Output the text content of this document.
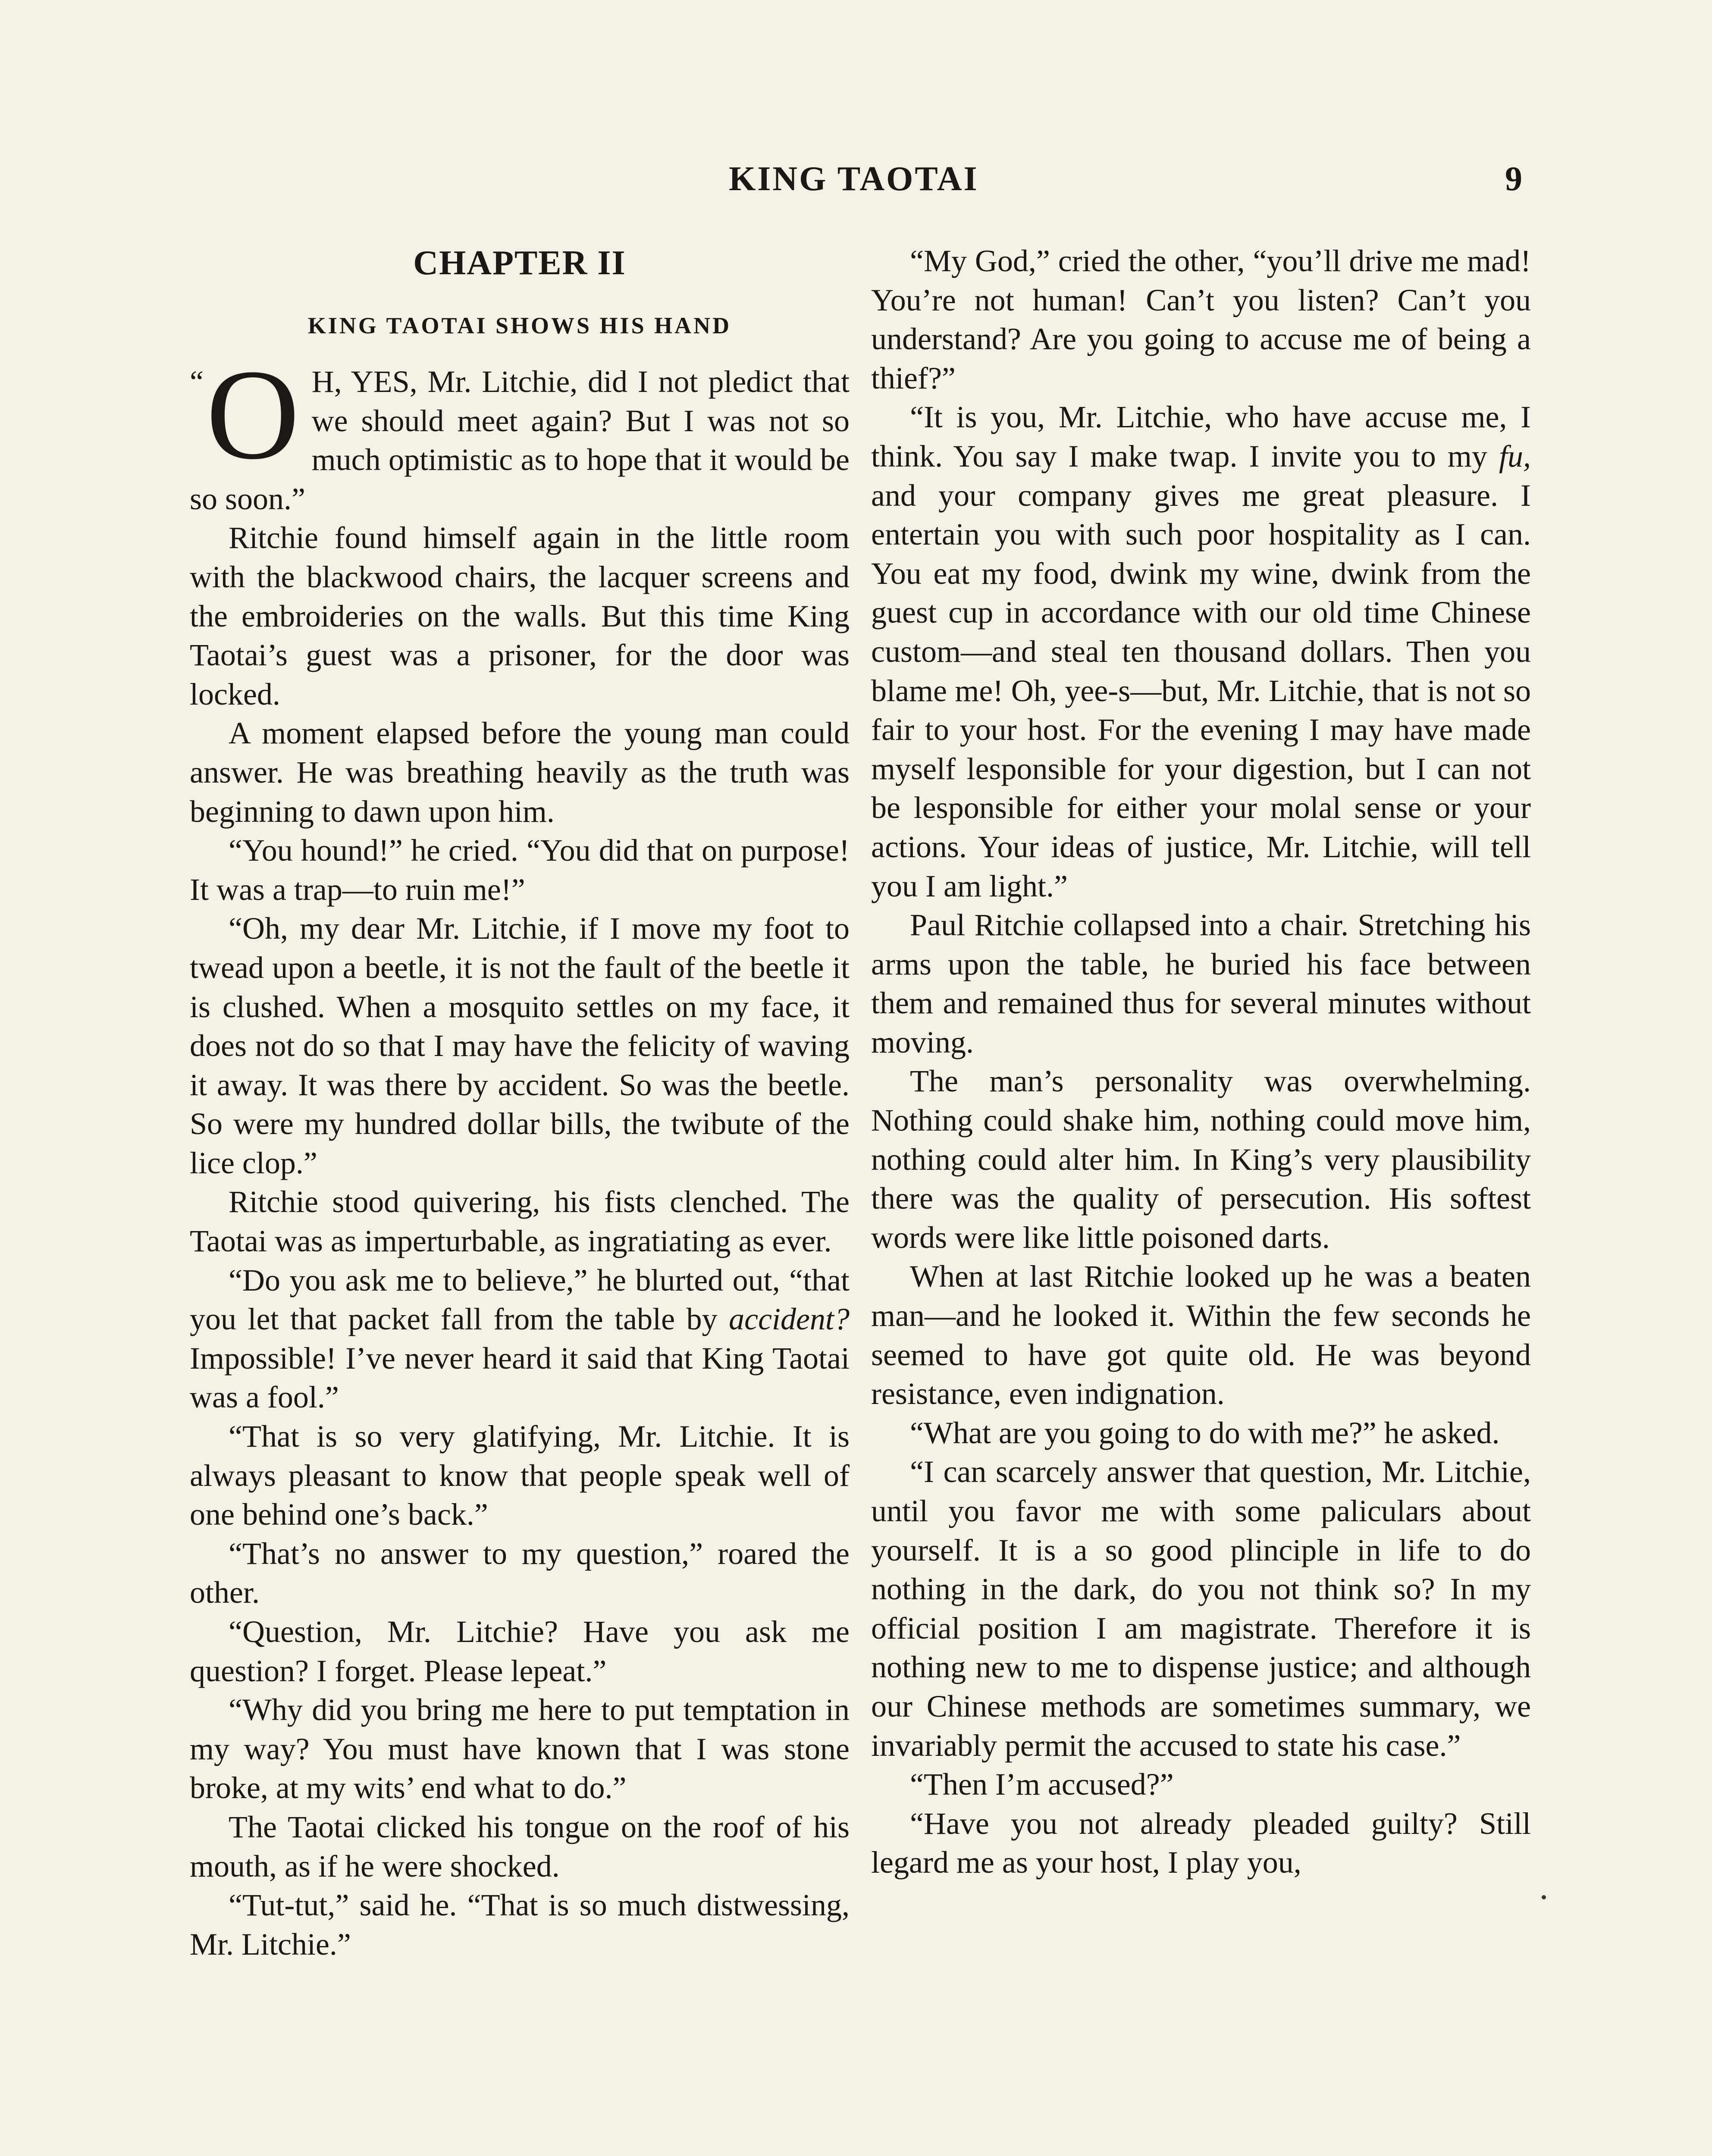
KING TAOTAI	9
CHAPTER II
KING TAOTAI SHOWS HIS HAND

“ O H, YES, Mr. Litchie, did I not pledict that we should meet again? But I was not so much optimistic as to hope that it would be so soon.”

Ritchie found himself again in the little room with the blackwood chairs, the lacquer screens and the embroideries on the walls. But this time King Taotai’s guest was a prisoner, for the door was locked.

A moment elapsed before the young man could answer. He was breathing heavily as the truth was beginning to dawn upon him.

“You hound!” he cried. “You did that on purpose! It was a trap—to ruin me!”

“Oh, my dear Mr. Litchie, if I move my foot to twead upon a beetle, it is not the fault of the beetle it is clushed. When a mosquito settles on my face, it does not do so that I may have the felicity of waving it away. It was there by accident. So was the beetle. So were my hundred dollar bills, the twibute of the lice clop.”

Ritchie stood quivering, his fists clenched. The Taotai was as imperturbable, as ingratiating as ever.

“Do you ask me to believe,” he blurted out, “that you let that packet fall from the table by accident? Impossible! I’ve never heard it said that King Taotai was a fool.”

“That is so very glatifying, Mr. Litchie. It is always pleasant to know that people speak well of one behind one’s back.”

“That’s no answer to my question,” roared the other.

“Question, Mr. Litchie? Have you ask me question? I forget. Please lepeat.”

“Why did you bring me here to put temptation in my way? You must have known that I was stone broke, at my wits’ end what to do.”

The Taotai clicked his tongue on the roof of his mouth, as if he were shocked.

“Tut-tut,” said he. “That is so much distwessing, Mr. Litchie.”

“My God,” cried the other, “you’ll drive me mad! You’re not human! Can’t you listen? Can’t you understand? Are you going to accuse me of being a thief?”

“It is you, Mr. Litchie, who have accuse me, I think. You say I make twap. I invite you to my fu, and your company gives me great pleasure. I entertain you with such poor hospitality as I can. You eat my food, dwink my wine, dwink from the guest cup in accordance with our old time Chinese custom—and steal ten thousand dollars. Then you blame me! Oh, yee-s—but, Mr. Litchie, that is not so fair to your host. For the evening I may have made myself lesponsible for your digestion, but I can not be lesponsible for either your molal sense or your actions. Your ideas of justice, Mr. Litchie, will tell you I am light.”

Paul Ritchie collapsed into a chair. Stretching his arms upon the table, he buried his face between them and remained thus for several minutes without moving.

The man’s personality was overwhelming. Nothing could shake him, nothing could move him, nothing could alter him. In King’s very plausibility there was the quality of persecution. His softest words were like little poisoned darts.

When at last Ritchie looked up he was a beaten man—and he looked it. Within the few seconds he seemed to have got quite old. He was beyond resistance, even indignation.

“What are you going to do with me?” he asked.

“I can scarcely answer that question, Mr. Litchie, until you favor me with some paliculars about yourself. It is a so good plinciple in life to do nothing in the dark, do you not think so? In my official position I am magistrate. Therefore it is nothing new to me to dispense justice; and although our Chinese methods are sometimes summary, we invariably permit the accused to state his case.”

“Then I’m accused?”

“Have you not already pleaded guilty? Still legard me as your host, I play you,
